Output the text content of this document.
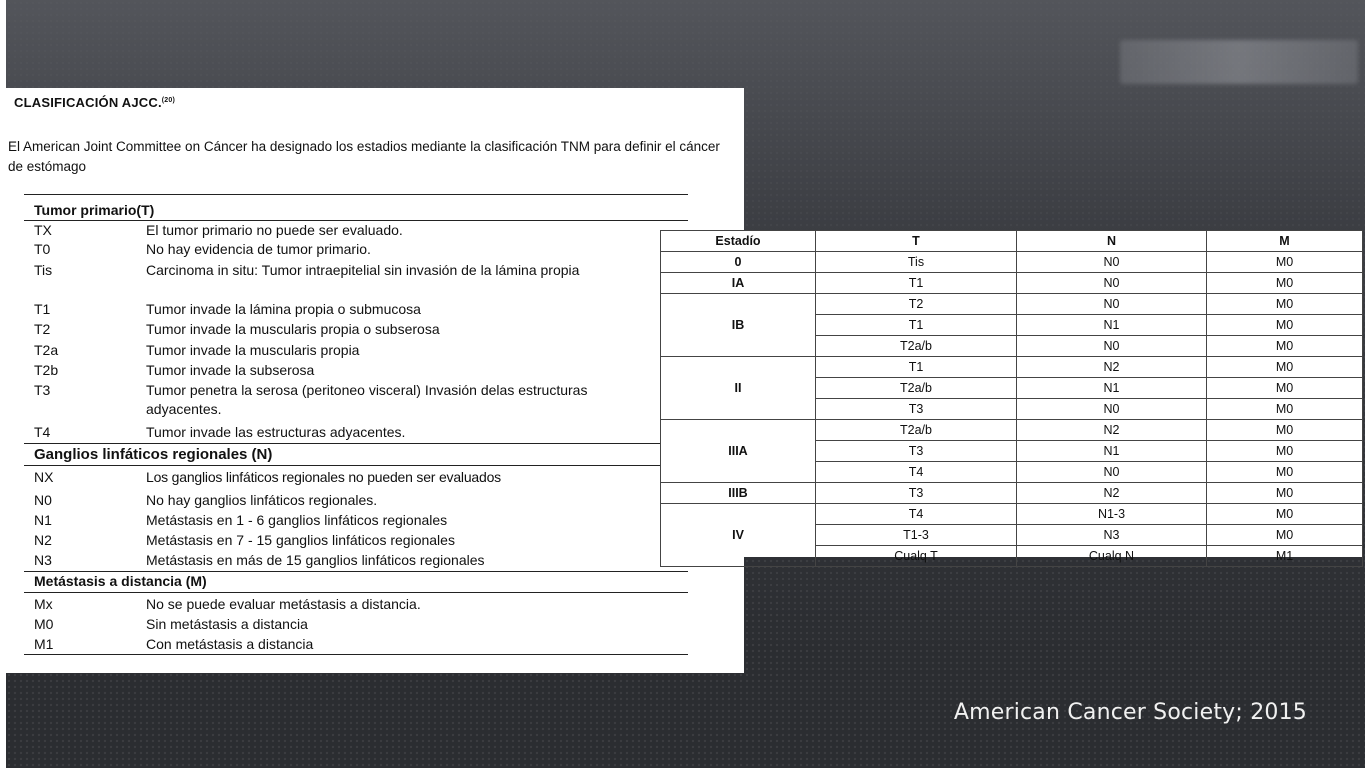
CLASIFICACIÓN AJCC.$^{(20)}$
El American Joint Committee on Cáncer ha designado los estadios mediante la clasificación TNM para definir el cáncer de estómago
Tumor primario(T)
TX	El tumor primario no puede ser evaluado.
T0	No hay evidencia de tumor primario.
Tis	Carcinoma in situ: Tumor intraepitelial sin invasión de la lámina propia
T1	Tumor invade la lámina propia o submucosa
T2	Tumor invade la muscularis propia o subserosa
T2a	Tumor invade la muscularis propia
T2b	Tumor invade la subserosa
T3	Tumor penetra la serosa (peritoneo visceral) Invasión delas estructuras adyacentes.
T4	Tumor invade las estructuras adyacentes.
Ganglios linfáticos regionales (N)
NX	Los ganglios linfáticos regionales no pueden ser evaluados
N0	No hay ganglios linfáticos regionales.
N1	Metástasis en 1 - 6 ganglios linfáticos regionales
N2	Metástasis en 7 - 15 ganglios linfáticos regionales
N3	Metástasis en más de 15 ganglios linfáticos regionales
Metástasis a distancia (M)
Mx	No se puede evaluar metástasis a distancia.
M0	Sin metástasis a distancia
M1	Con metástasis a distancia
Estadío	T	N	M
0	Tis	N0	M0
IA	T1	N0	M0
IB	T2	N0	M0
	T1	N1	M0
	T2a/b	N0	M0
II	T1	N2	M0
	T2a/b	N1	M0
	T3	N0	M0
IIIA	T2a/b	N2	M0
	T3	N1	M0
	T4	N0	M0
IIIB	T3	N2	M0
IV	T4	N1-3	M0
	T1-3	N3	M0
	Cualq T	Cualq N	M1
American Cancer Society; 2015
